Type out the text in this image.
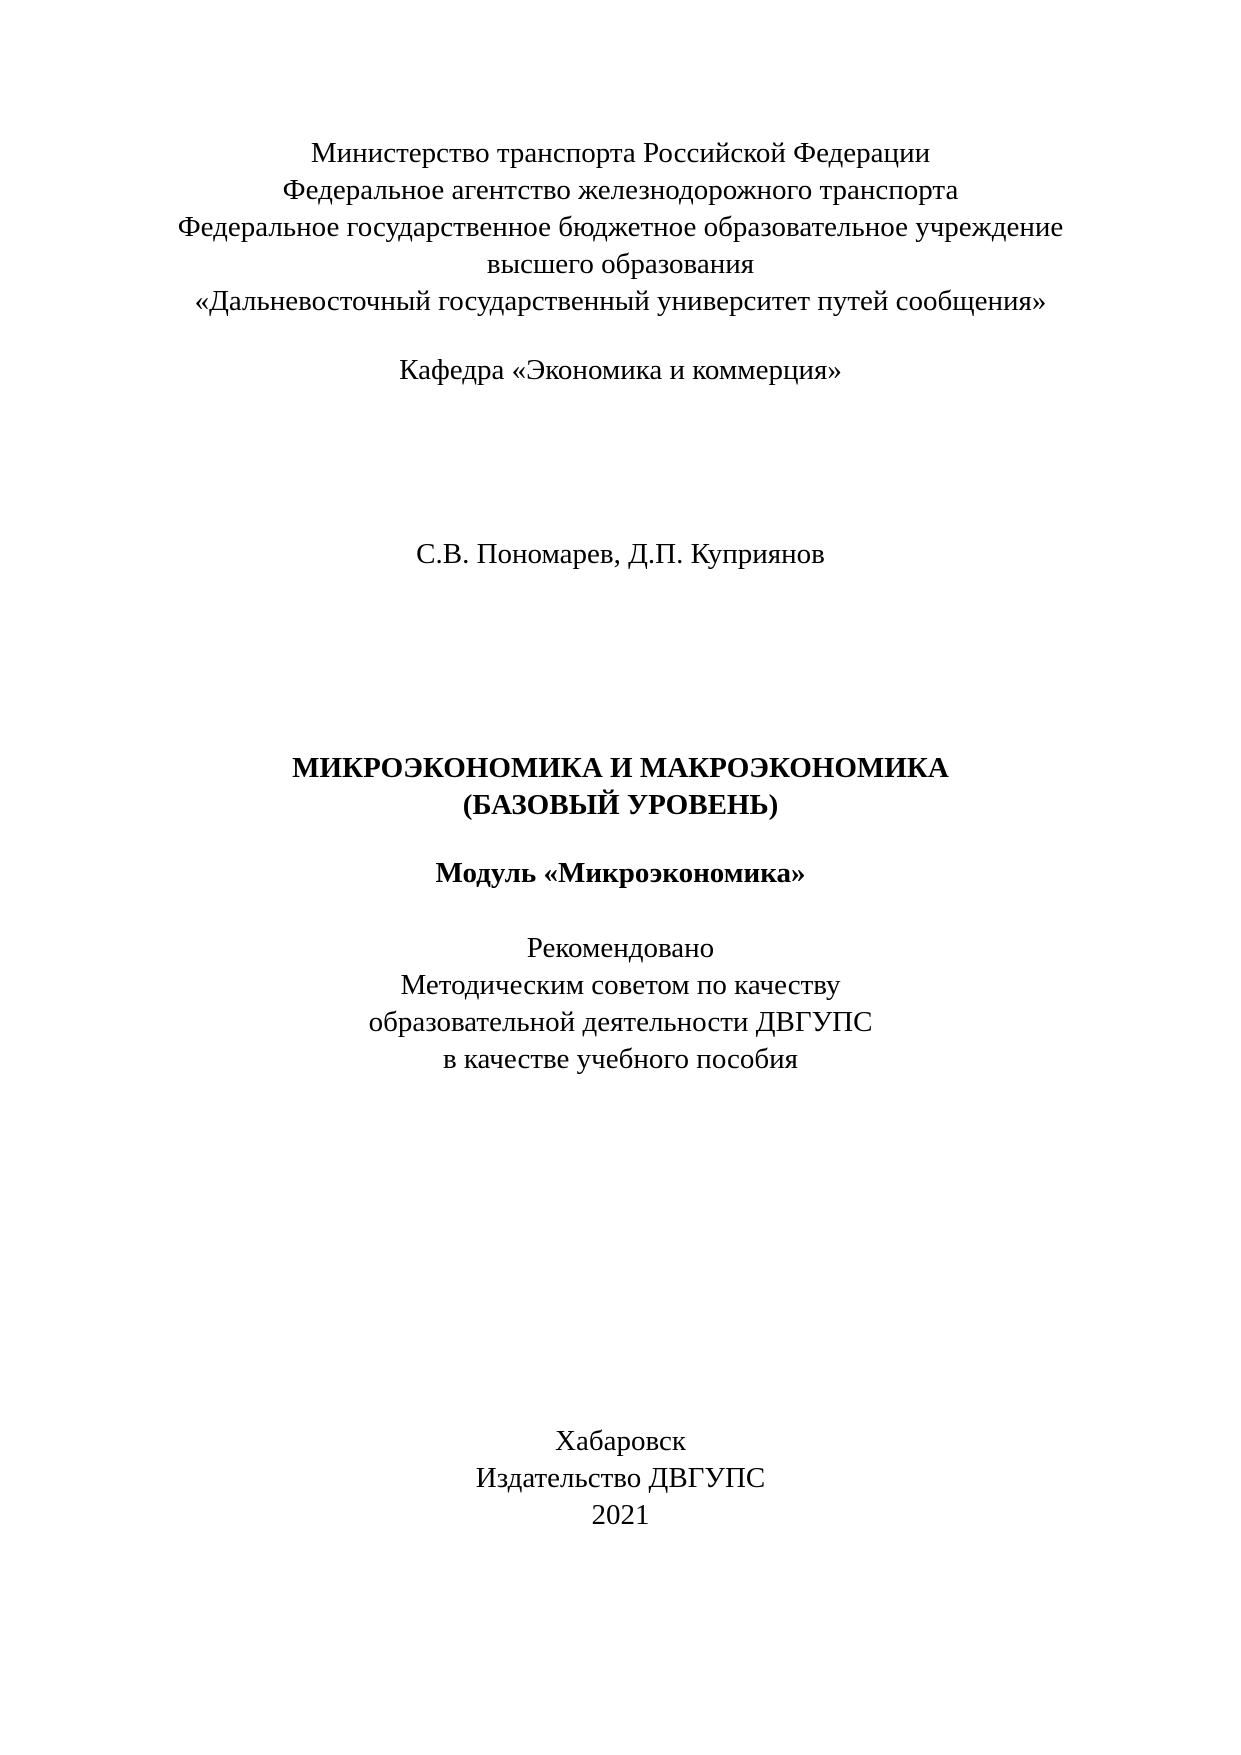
Министерство транспорта Российской Федерации
Федеральное агентство железнодорожного транспорта
Федеральное государственное бюджетное образовательное учреждение
высшего образования
«Дальневосточный государственный университет путей сообщения»
Кафедра «Экономика и коммерция»
С.В. Пономарев, Д.П. Куприянов
МИКРОЭКОНОМИКА И МАКРОЭКОНОМИКА
(БАЗОВЫЙ УРОВЕНЬ)
Модуль «Микроэкономика»
Рекомендовано
Методическим советом по качеству
образовательной деятельности ДВГУПС
в качестве учебного пособия
Хабаровск
Издательство ДВГУПС
2021
